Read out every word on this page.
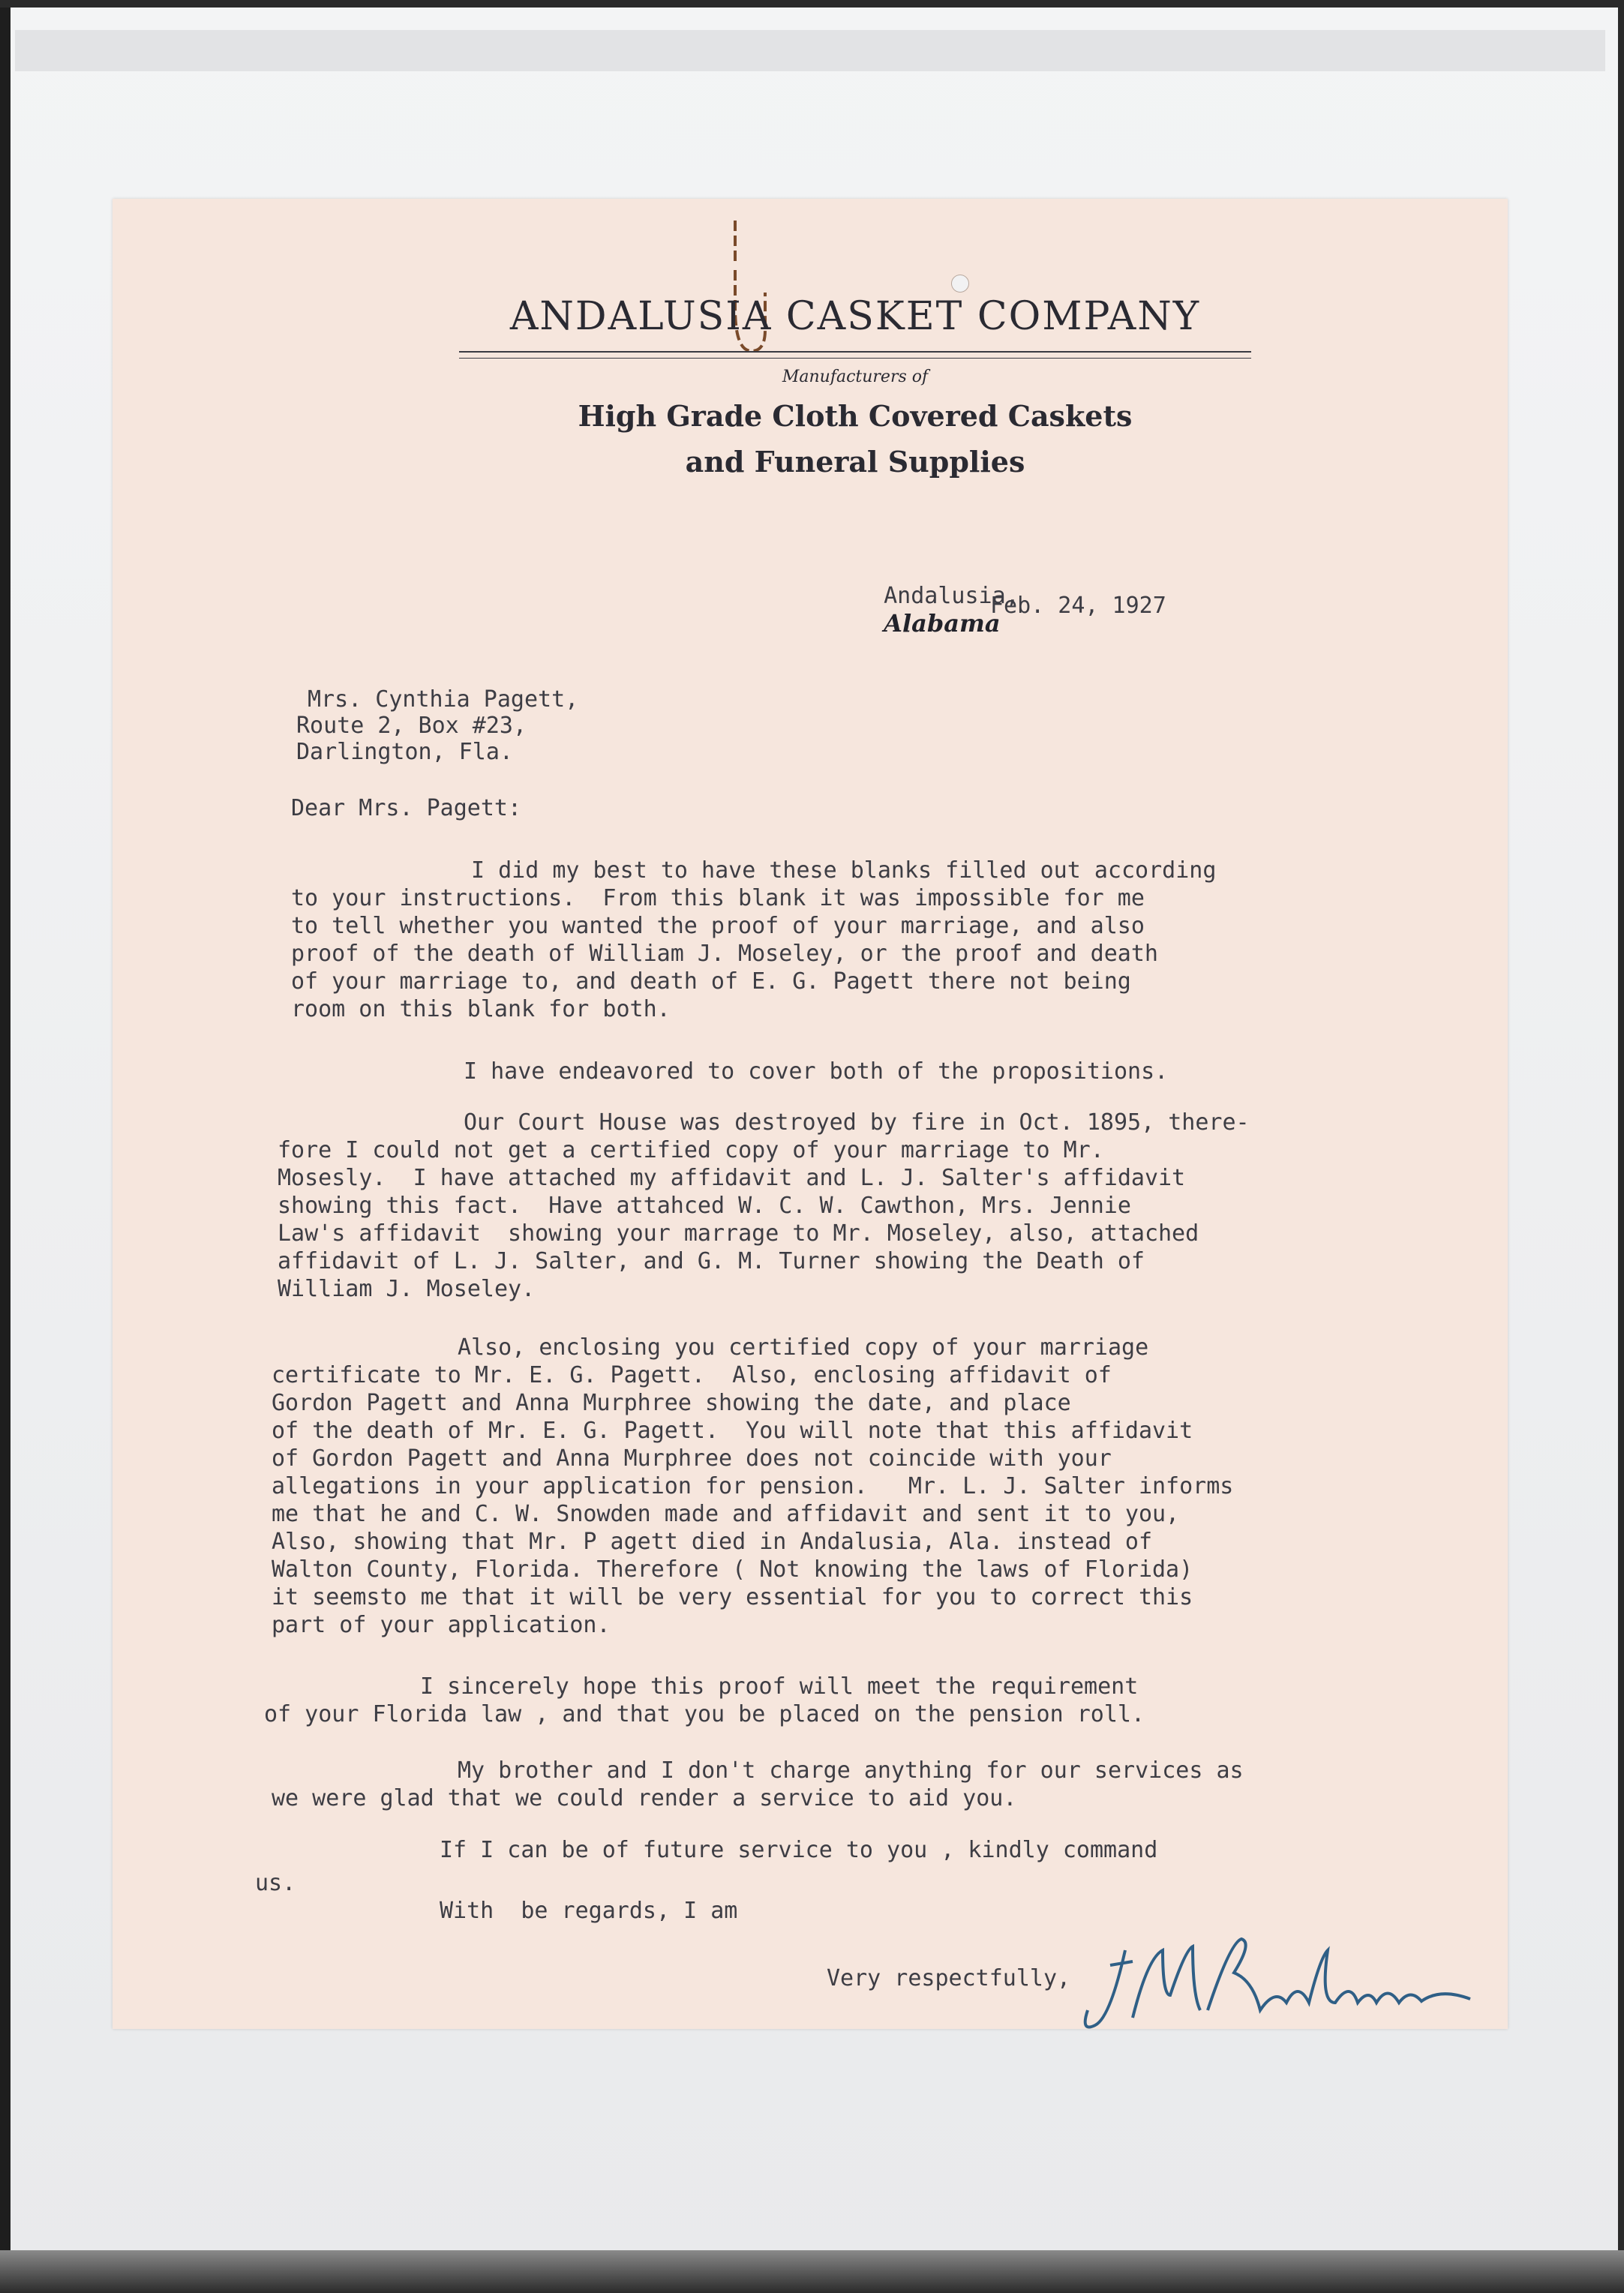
ANDALUSIA CASKET COMPANY
Manufacturers of
High Grade Cloth Covered Caskets
and Funeral Supplies

Andalusia,
Alabama

Feb. 24, 1927
Mrs. Cynthia Pagett,
Route 2, Box #23,
Darlington, Fla.
Dear Mrs. Pagett:
I did my best to have these blanks filled out according
to your instructions.  From this blank it was impossible for me
to tell whether you wanted the proof of your marriage, and also
proof of the death of William J. Moseley, or the proof and death
of your marriage to, and death of E. G. Pagett there not being
room on this blank for both.
I have endeavored to cover both of the propositions.
Our Court House was destroyed by fire in Oct. 1895, there-
fore I could not get a certified copy of your marriage to Mr.
Mosesly.  I have attached my affidavit and L. J. Salter's affidavit
showing this fact.  Have attahced W. C. W. Cawthon, Mrs. Jennie
Law's affidavit  showing your marrage to Mr. Moseley, also, attached
affidavit of L. J. Salter, and G. M. Turner showing the Death of
William J. Moseley.
Also, enclosing you certified copy of your marriage
certificate to Mr. E. G. Pagett.  Also, enclosing affidavit of
Gordon Pagett and Anna Murphree showing the date, and place
of the death of Mr. E. G. Pagett.  You will note that this affidavit
of Gordon Pagett and Anna Murphree does not coincide with your
allegations in your application for pension.   Mr. L. J. Salter informs
me that he and C. W. Snowden made and affidavit and sent it to you,
Also, showing that Mr. P agett died in Andalusia, Ala. instead of
Walton County, Florida. Therefore ( Not knowing the laws of Florida)
it seemsto me that it will be very essential for you to correct this
part of your application.
I sincerely hope this proof will meet the requirement
of your Florida law , and that you be placed on the pension roll.
My brother and I don't charge anything for our services as
we were glad that we could render a service to aid you.
If I can be of future service to you , kindly command
us.
With  be regards, I am
Very respectfully,
